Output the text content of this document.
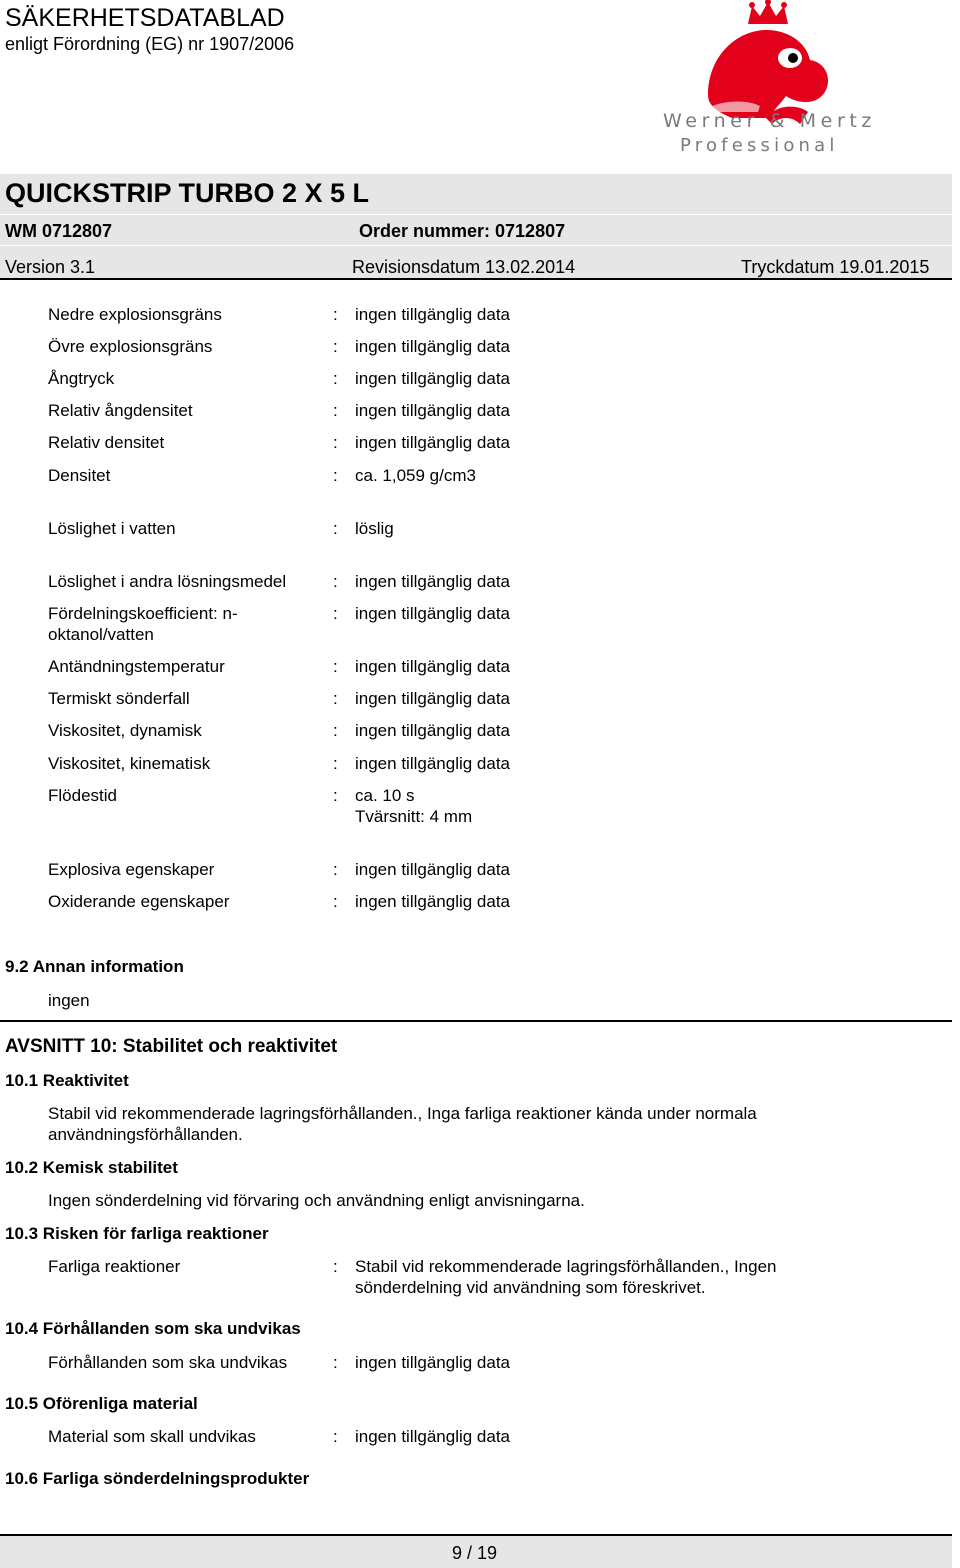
SÄKERHETSDATABLAD
enligt Förordning (EG) nr 1907/2006
Werner & Mertz
Professional
QUICKSTRIP TURBO 2 X 5 L
WM 0712807	Order nummer: 0712807
Version 3.1	Revisionsdatum 13.02.2014	Tryckdatum 19.01.2015
Nedre explosionsgräns	: ingen tillgänglig data
Övre explosionsgräns	: ingen tillgänglig data
Ångtryck	: ingen tillgänglig data
Relativ ångdensitet	: ingen tillgänglig data
Relativ densitet	: ingen tillgänglig data
Densitet	: ca. 1,059 g/cm3
Löslighet i vatten	: löslig
Löslighet i andra lösningsmedel	: ingen tillgänglig data
Fördelningskoefficient: n-
oktanol/vatten
: ingen tillgänglig data
Antändningstemperatur	: ingen tillgänglig data
Termiskt sönderfall	: ingen tillgänglig data
Viskositet, dynamisk	: ingen tillgänglig data
Viskositet, kinematisk	: ingen tillgänglig data
Flödestid	: ca. 10 s
Tvärsnitt: 4 mm
Explosiva egenskaper	: ingen tillgänglig data
Oxiderande egenskaper	: ingen tillgänglig data
9.2 Annan information
ingen
AVSNITT 10: Stabilitet och reaktivitet
10.1 Reaktivitet
Stabil vid rekommenderade lagringsförhållanden., Inga farliga reaktioner kända under normala
användningsförhållanden.
10.2 Kemisk stabilitet
Ingen sönderdelning vid förvaring och användning enligt anvisningarna.
10.3 Risken för farliga reaktioner
Farliga reaktioner	: Stabil vid rekommenderade lagringsförhållanden., Ingen
sönderdelning vid användning som föreskrivet.
10.4 Förhållanden som ska undvikas
Förhållanden som ska undvikas	: ingen tillgänglig data
10.5 Oförenliga material
Material som skall undvikas	: ingen tillgänglig data
10.6 Farliga sönderdelningsprodukter
9 / 19
